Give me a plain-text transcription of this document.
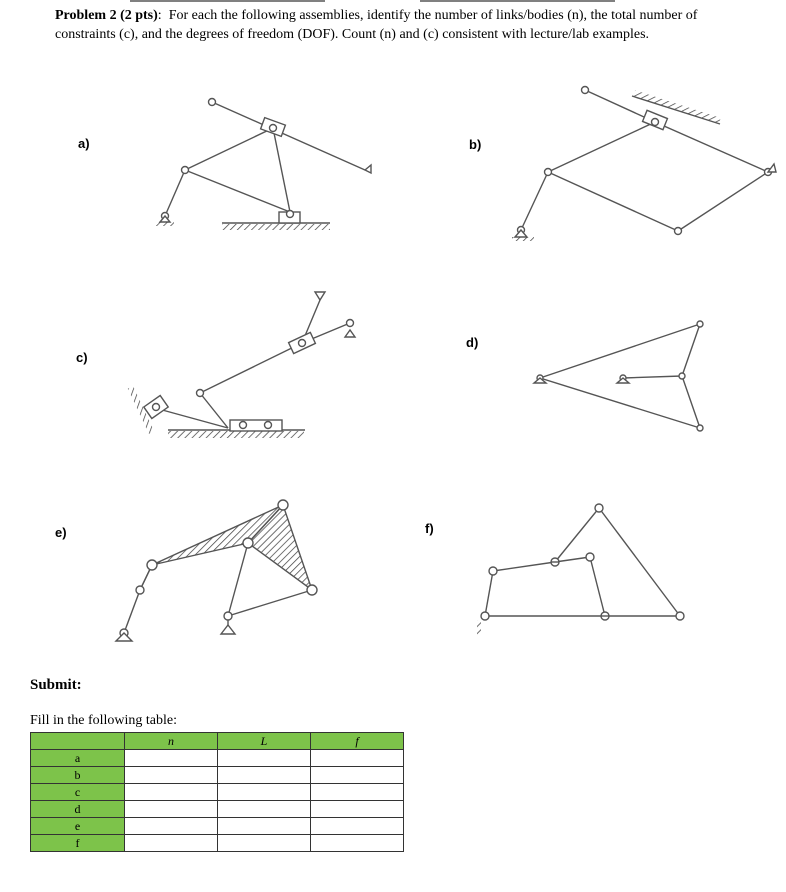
Problem 2 (2 pts):  For each the following assemblies, identify the number of links/bodies (n), the total number of constraints (c), and the degrees of freedom (DOF). Count (n) and (c) consistent with lecture/lab examples.
a)	b)
c)
d)
e)	f)
Submit:
Fill in the following table:
	n	L	f
a			
b			
c			
d			
e			
f			
